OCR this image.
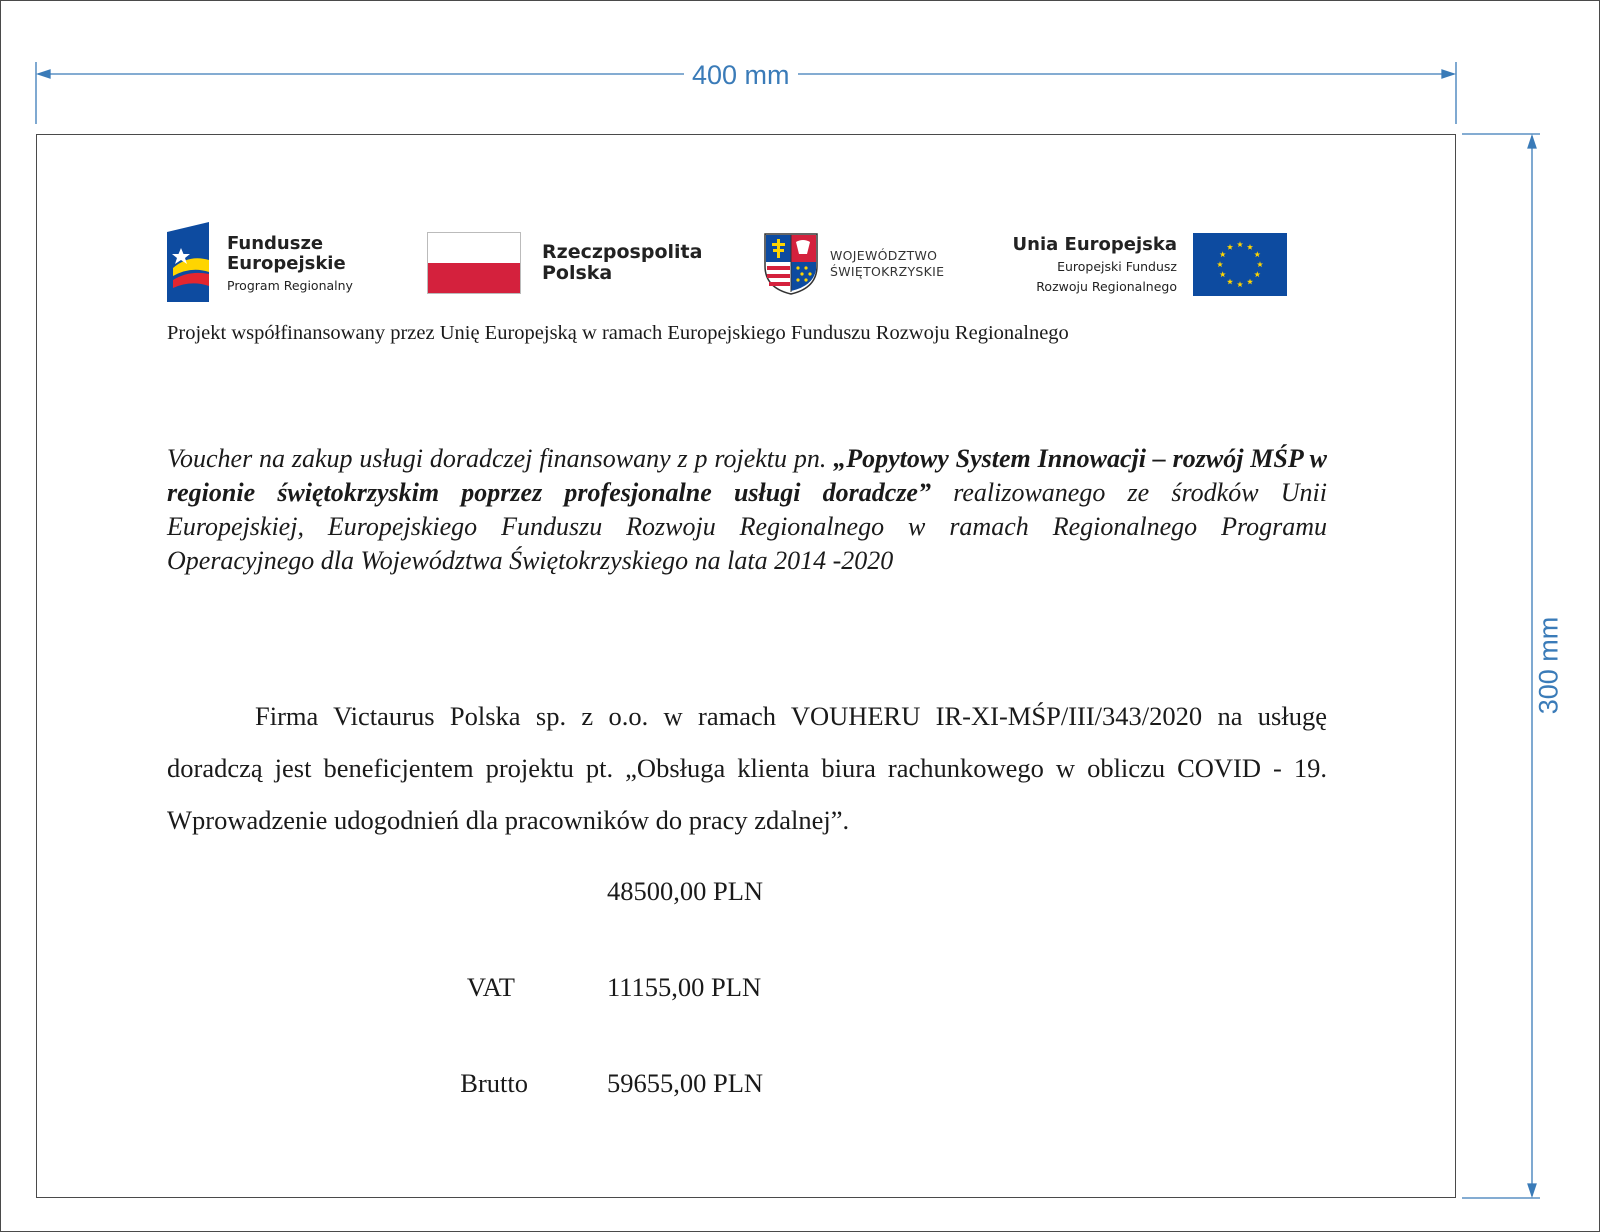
400 mm
300 mm
Fundusze
Europejskie
Program Regionalny
Rzeczpospolita
Polska
WOJEWÓDZTWO
ŚWIĘTOKRZYSKIE
Unia Europejska
Europejski Fundusz
Rozwoju Regionalnego
Projekt współfinansowany przez Unię Europejską w ramach Europejskiego Funduszu Rozwoju Regionalnego
Voucher na zakup usługi doradczej finansowany z p rojektu pn. „Popytowy System Innowacji – rozwój MŚP w regionie świętokrzyskim poprzez profesjonalne usługi doradcze” realizowanego ze środków Unii Europejskiej, Europejskiego Funduszu Rozwoju Regionalnego w ramach Regionalnego Programu Operacyjnego dla Województwa Świętokrzyskiego na lata 2014 -2020
Firma Victaurus Polska sp. z o.o. w ramach VOUHERU IR-XI-MŚP/III/343/2020 na usługę doradczą jest beneficjentem projektu pt. „Obsługa klienta biura rachunkowego w obliczu COVID - 19. Wprowadzenie udogodnień dla pracowników do pracy zdalnej”.
48500,00 PLN
VAT	11155,00 PLN
Brutto	59655,00 PLN
